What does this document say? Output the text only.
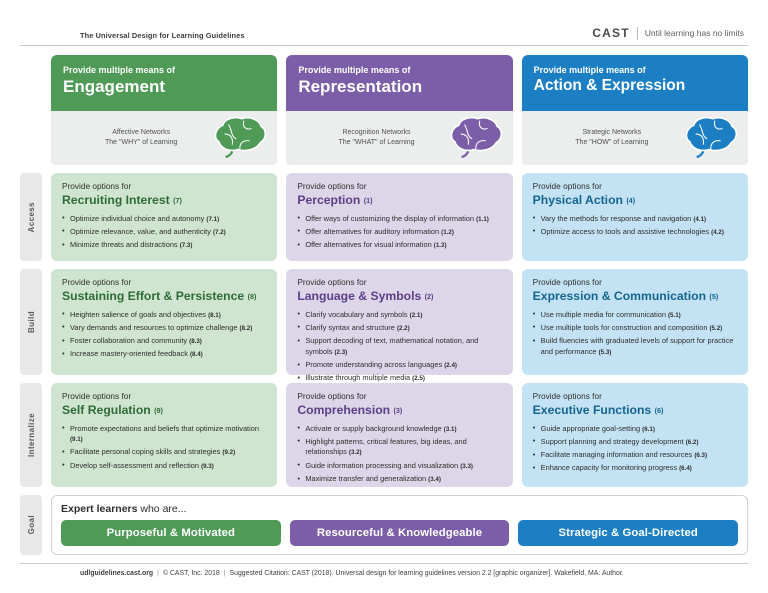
The Universal Design for Learning Guidelines	CAST Until learning has no limits
Provide multiple means of
Engagement
Affective Networks
The "WHY" of Learning
Provide multiple means of
Representation
Recognition Networks
The "WHAT" of Learning
Provide multiple means of
Action & Expression
Strategic Networks
The "HOW" of Learning
Access
Provide options for
Recruiting Interest (7)
• Optimize individual choice and autonomy (7.1)
• Optimize relevance, value, and authenticity (7.2)
• Minimize threats and distractions (7.3)
Provide options for
Perception (1)
• Offer ways of customizing the display of information (1.1)
• Offer alternatives for auditory information (1.2)
• Offer alternatives for visual information (1.3)
Provide options for
Physical Action (4)
• Vary the methods for response and navigation (4.1)
• Optimize access to tools and assistive technologies (4.2)
Build
Provide options for
Sustaining Effort & Persistence (8)
• Heighten salience of goals and objectives (8.1)
• Vary demands and resources to optimize challenge (8.2)
• Foster collaboration and community (8.3)
• Increase mastery-oriented feedback (8.4)
Provide options for
Language & Symbols (2)
• Clarify vocabulary and symbols (2.1)
• Clarify syntax and structure (2.2)
• Support decoding of text, mathematical notation, and symbols (2.3)
• Promote understanding across languages (2.4)
• Illustrate through multiple media (2.5)
Provide options for
Expression & Communication (5)
• Use multiple media for communication (5.1)
• Use multiple tools for construction and composition (5.2)
• Build fluencies with graduated levels of support for practice and performance (5.3)
Internalize
Provide options for
Self Regulation (9)
• Promote expectations and beliefs that optimize motivation (9.1)
• Facilitate personal coping skills and strategies (9.2)
• Develop self-assessment and reflection (9.3)
Provide options for
Comprehension (3)
• Activate or supply background knowledge (3.1)
• Highlight patterns, critical features, big ideas, and relationships (3.2)
• Guide information processing and visualization (3.3)
• Maximize transfer and generalization (3.4)
Provide options for
Executive Functions (6)
• Guide appropriate goal-setting (6.1)
• Support planning and strategy development (6.2)
• Facilitate managing information and resources (6.3)
• Enhance capacity for monitoring progress (6.4)
Goal
Expert learners who are...
Purposeful & Motivated	Resourceful & Knowledgeable	Strategic & Goal-Directed
udlguidelines.cast.org | © CAST, Inc. 2018 | Suggested Citation: CAST (2018). Universal design for learning guidelines version 2.2 [graphic organizer]. Wakefield, MA: Author.
